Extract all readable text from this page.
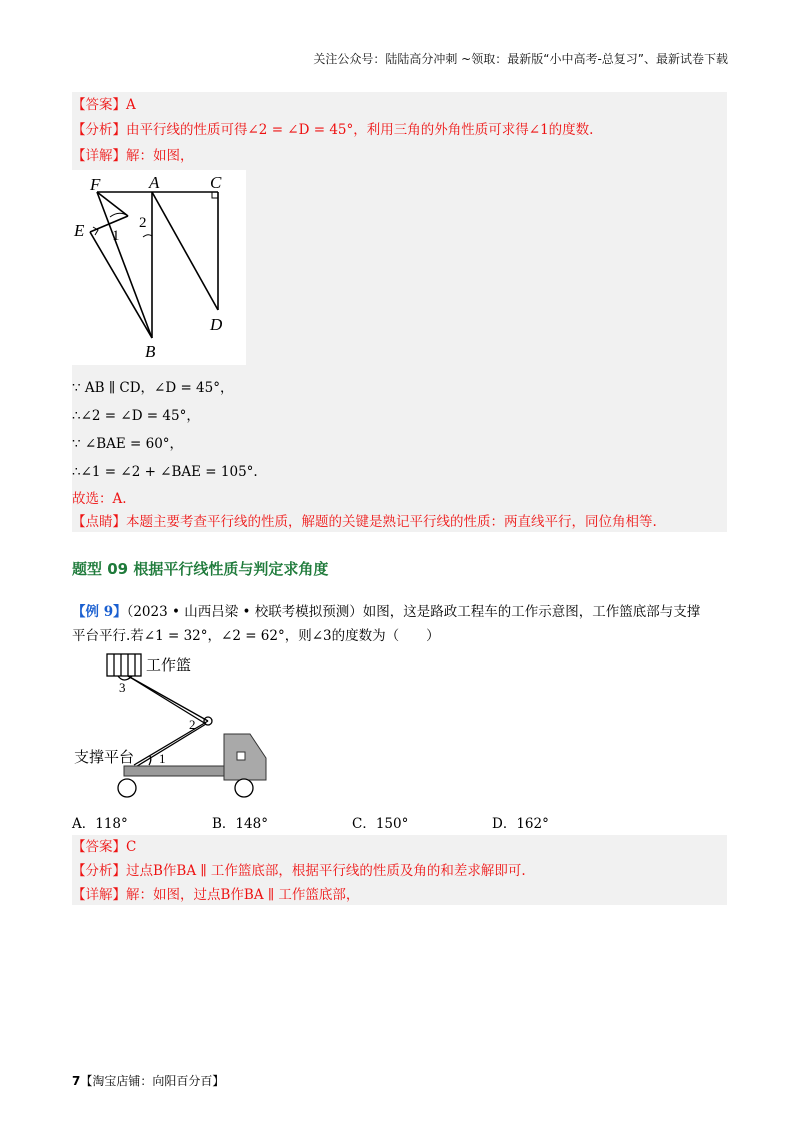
关注公众号：陆陆高分冲刺 ~领取：最新版“小中高考-总复习”、最新试卷下载
【答案】A
【分析】由平行线的性质可得∠2 = ∠D = 45°，利用三角的外角性质可求得∠1的度数.
【详解】解：如图，
F	A	C
E 1
2
D
B
∵ AB ∥ CD，∠D = 45°，
∴∠2 = ∠D = 45°，
∵ ∠BAE = 60°，
∴∠1 = ∠2 + ∠BAE = 105°.
故选：A.
【点睛】本题主要考查平行线的性质，解题的关键是熟记平行线的性质：两直线平行，同位角相等.
题型 09 根据平行线性质与判定求角度
【例 9】（2023 • 山西吕梁 • 校联考模拟预测）如图，这是路政工程车的工作示意图，工作篮底部与支撑
平台平行.若∠1 = 32°，∠2 = 62°，则∠3的度数为（　　）
工作篮
支撑平台
3
2
1
A．118°	B．148°	C．150°	D．162°
【答案】C
【分析】过点B作BA ∥ 工作篮底部，根据平行线的性质及角的和差求解即可.
【详解】解：如图，过点B作BA ∥ 工作篮底部，
7【淘宝店铺：向阳百分百】
